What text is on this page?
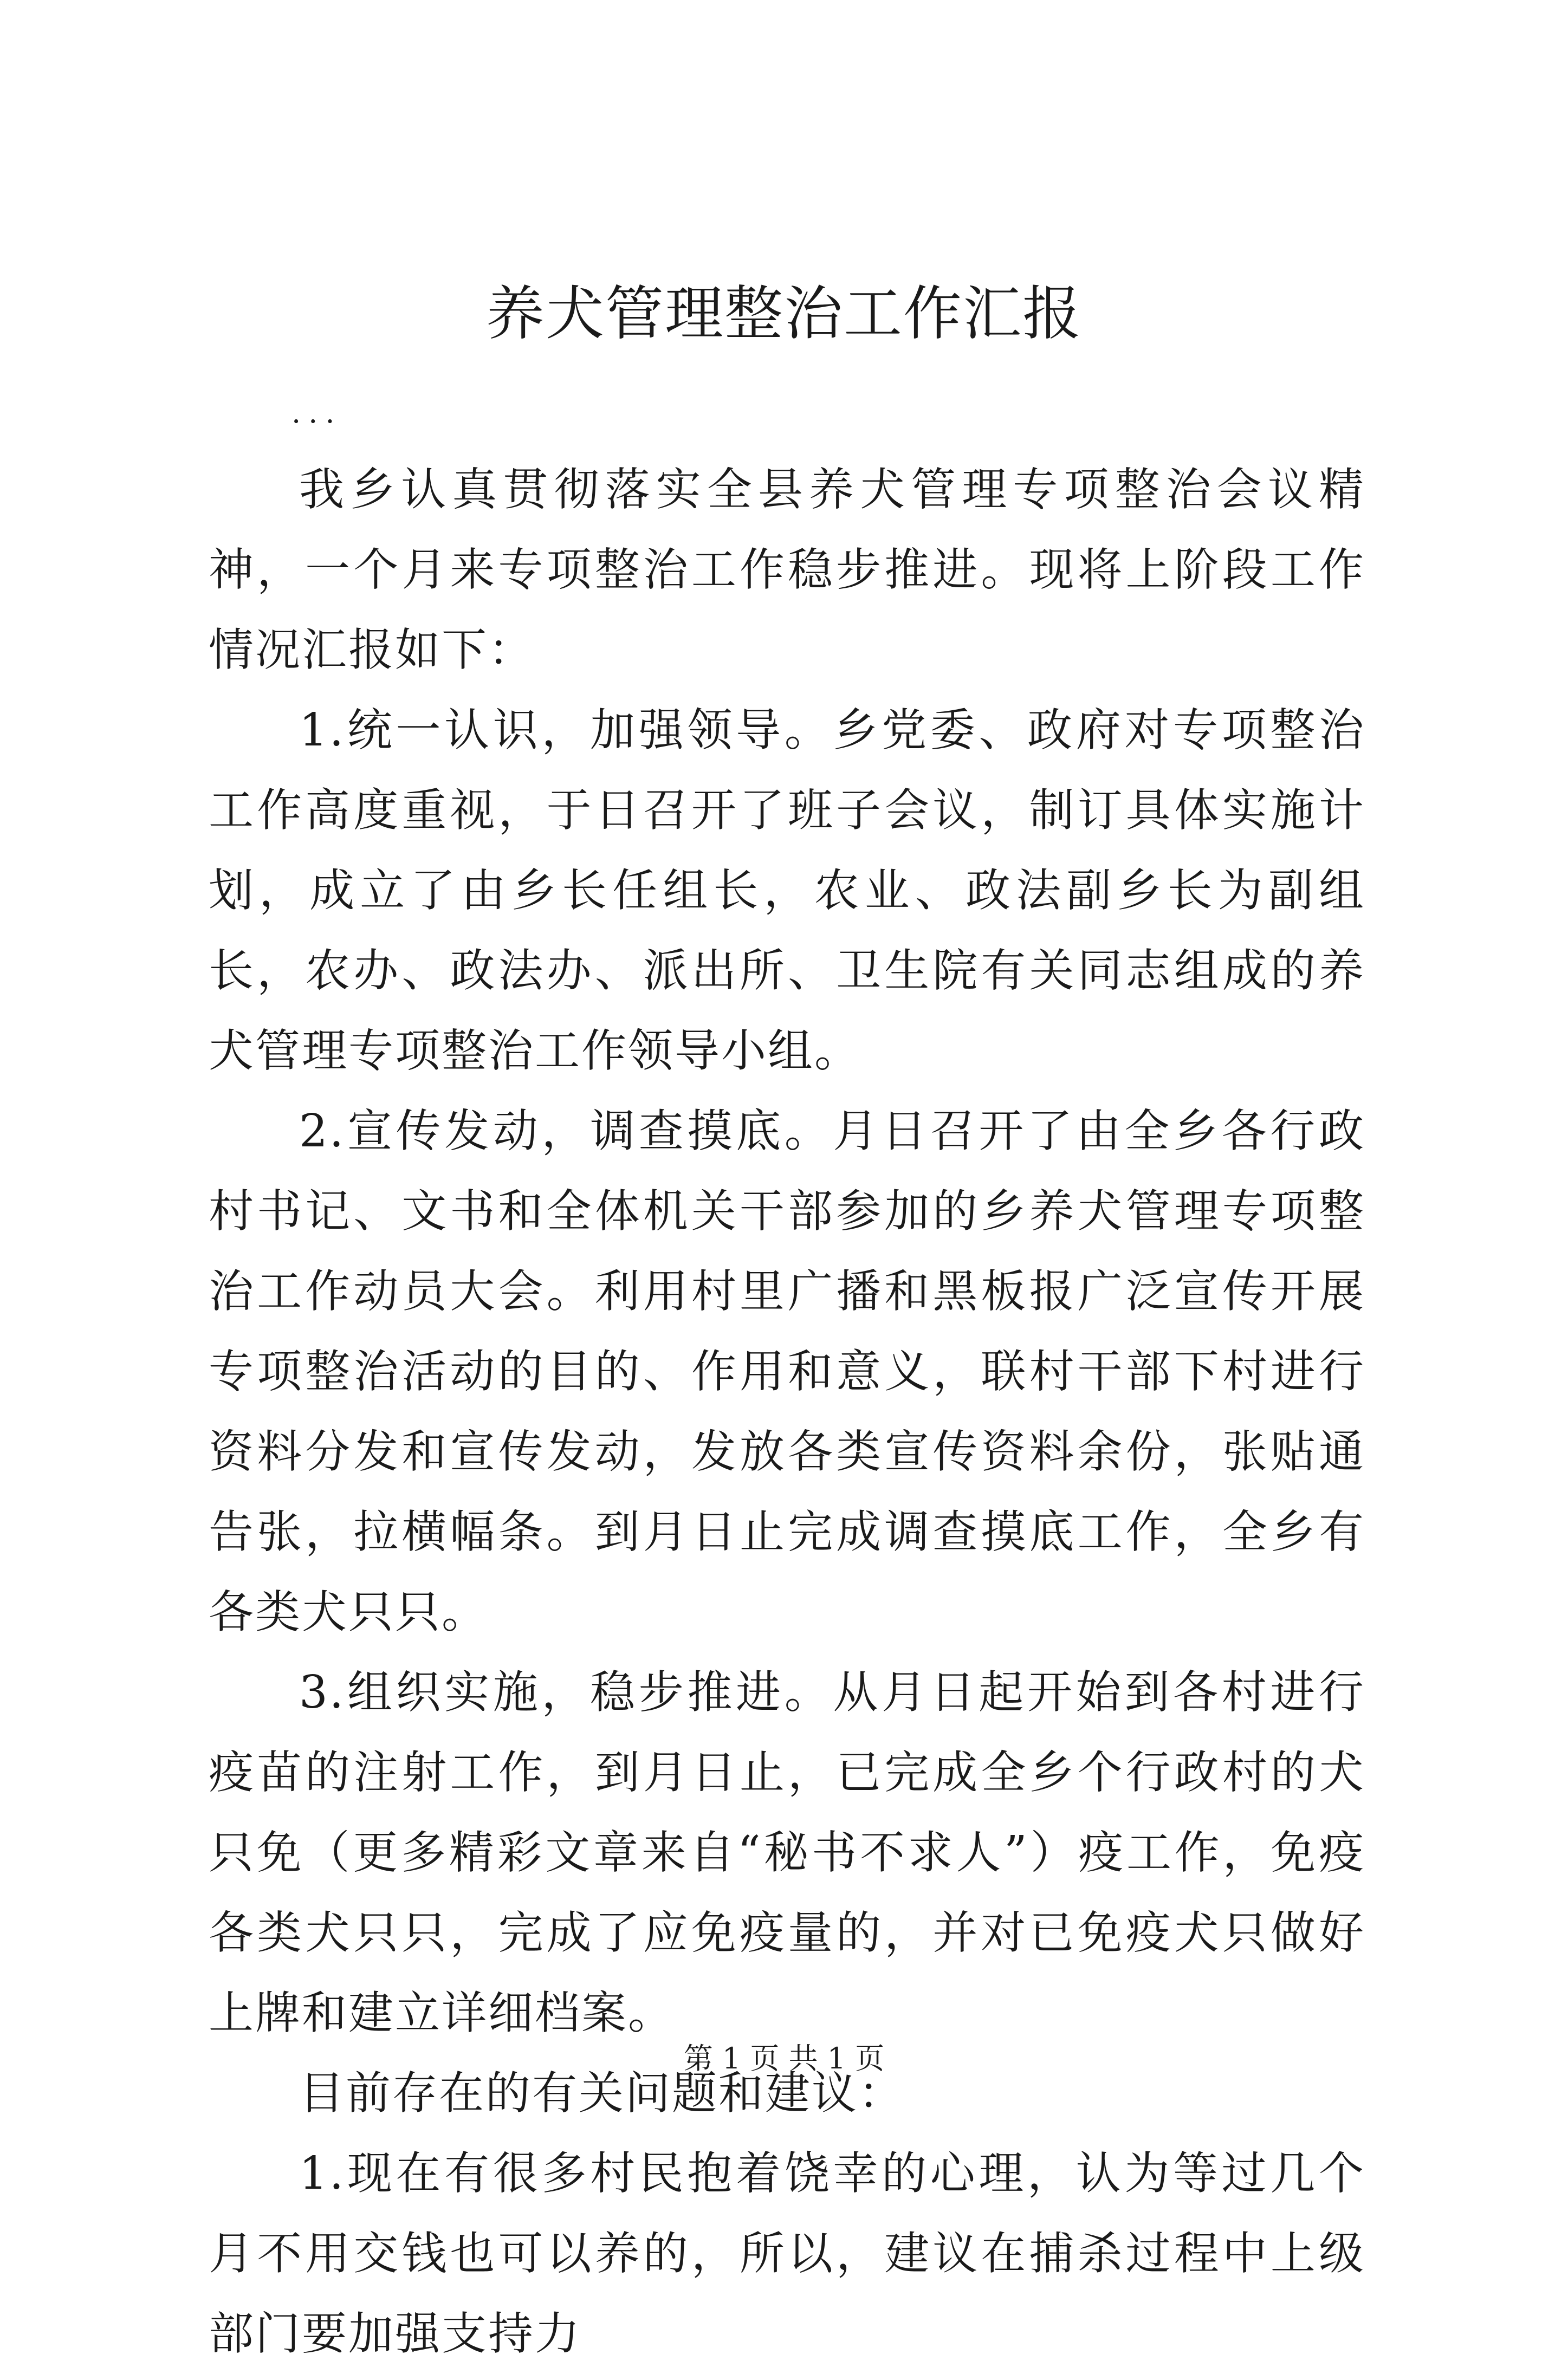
养犬管理整治工作汇报
...

我乡认真贯彻落实全县养犬管理专项整治会议精神，一个月来专项整治工作稳步推进。现将上阶段工作情况汇报如下：

1.统一认识，加强领导。乡党委、政府对专项整治工作高度重视，于日召开了班子会议，制订具体实施计划，成立了由乡长任组长，农业、政法副乡长为副组长，农办、政法办、派出所、卫生院有关同志组成的养犬管理专项整治工作领导小组。

2.宣传发动，调查摸底。月日召开了由全乡各行政村书记、文书和全体机关干部参加的乡养犬管理专项整治工作动员大会。利用村里广播和黑板报广泛宣传开展专项整治活动的目的、作用和意义，联村干部下村进行资料分发和宣传发动，发放各类宣传资料余份，张贴通告张，拉横幅条。到月日止完成调查摸底工作，全乡有各类犬只只。

3.组织实施，稳步推进。从月日起开始到各村进行疫苗的注射工作，到月日止，已完成全乡个行政村的犬只免（更多精彩文章来自“秘书不求人”）疫工作，免疫各类犬只只，完成了应免疫量的，并对已免疫犬只做好上牌和建立详细档案。

目前存在的有关问题和建议：

1.现在有很多村民抱着饶幸的心理，认为等过几个月不用交钱也可以养的，所以，建议在捕杀过程中上级部门要加强支持力

第 1 页 共 1 页
